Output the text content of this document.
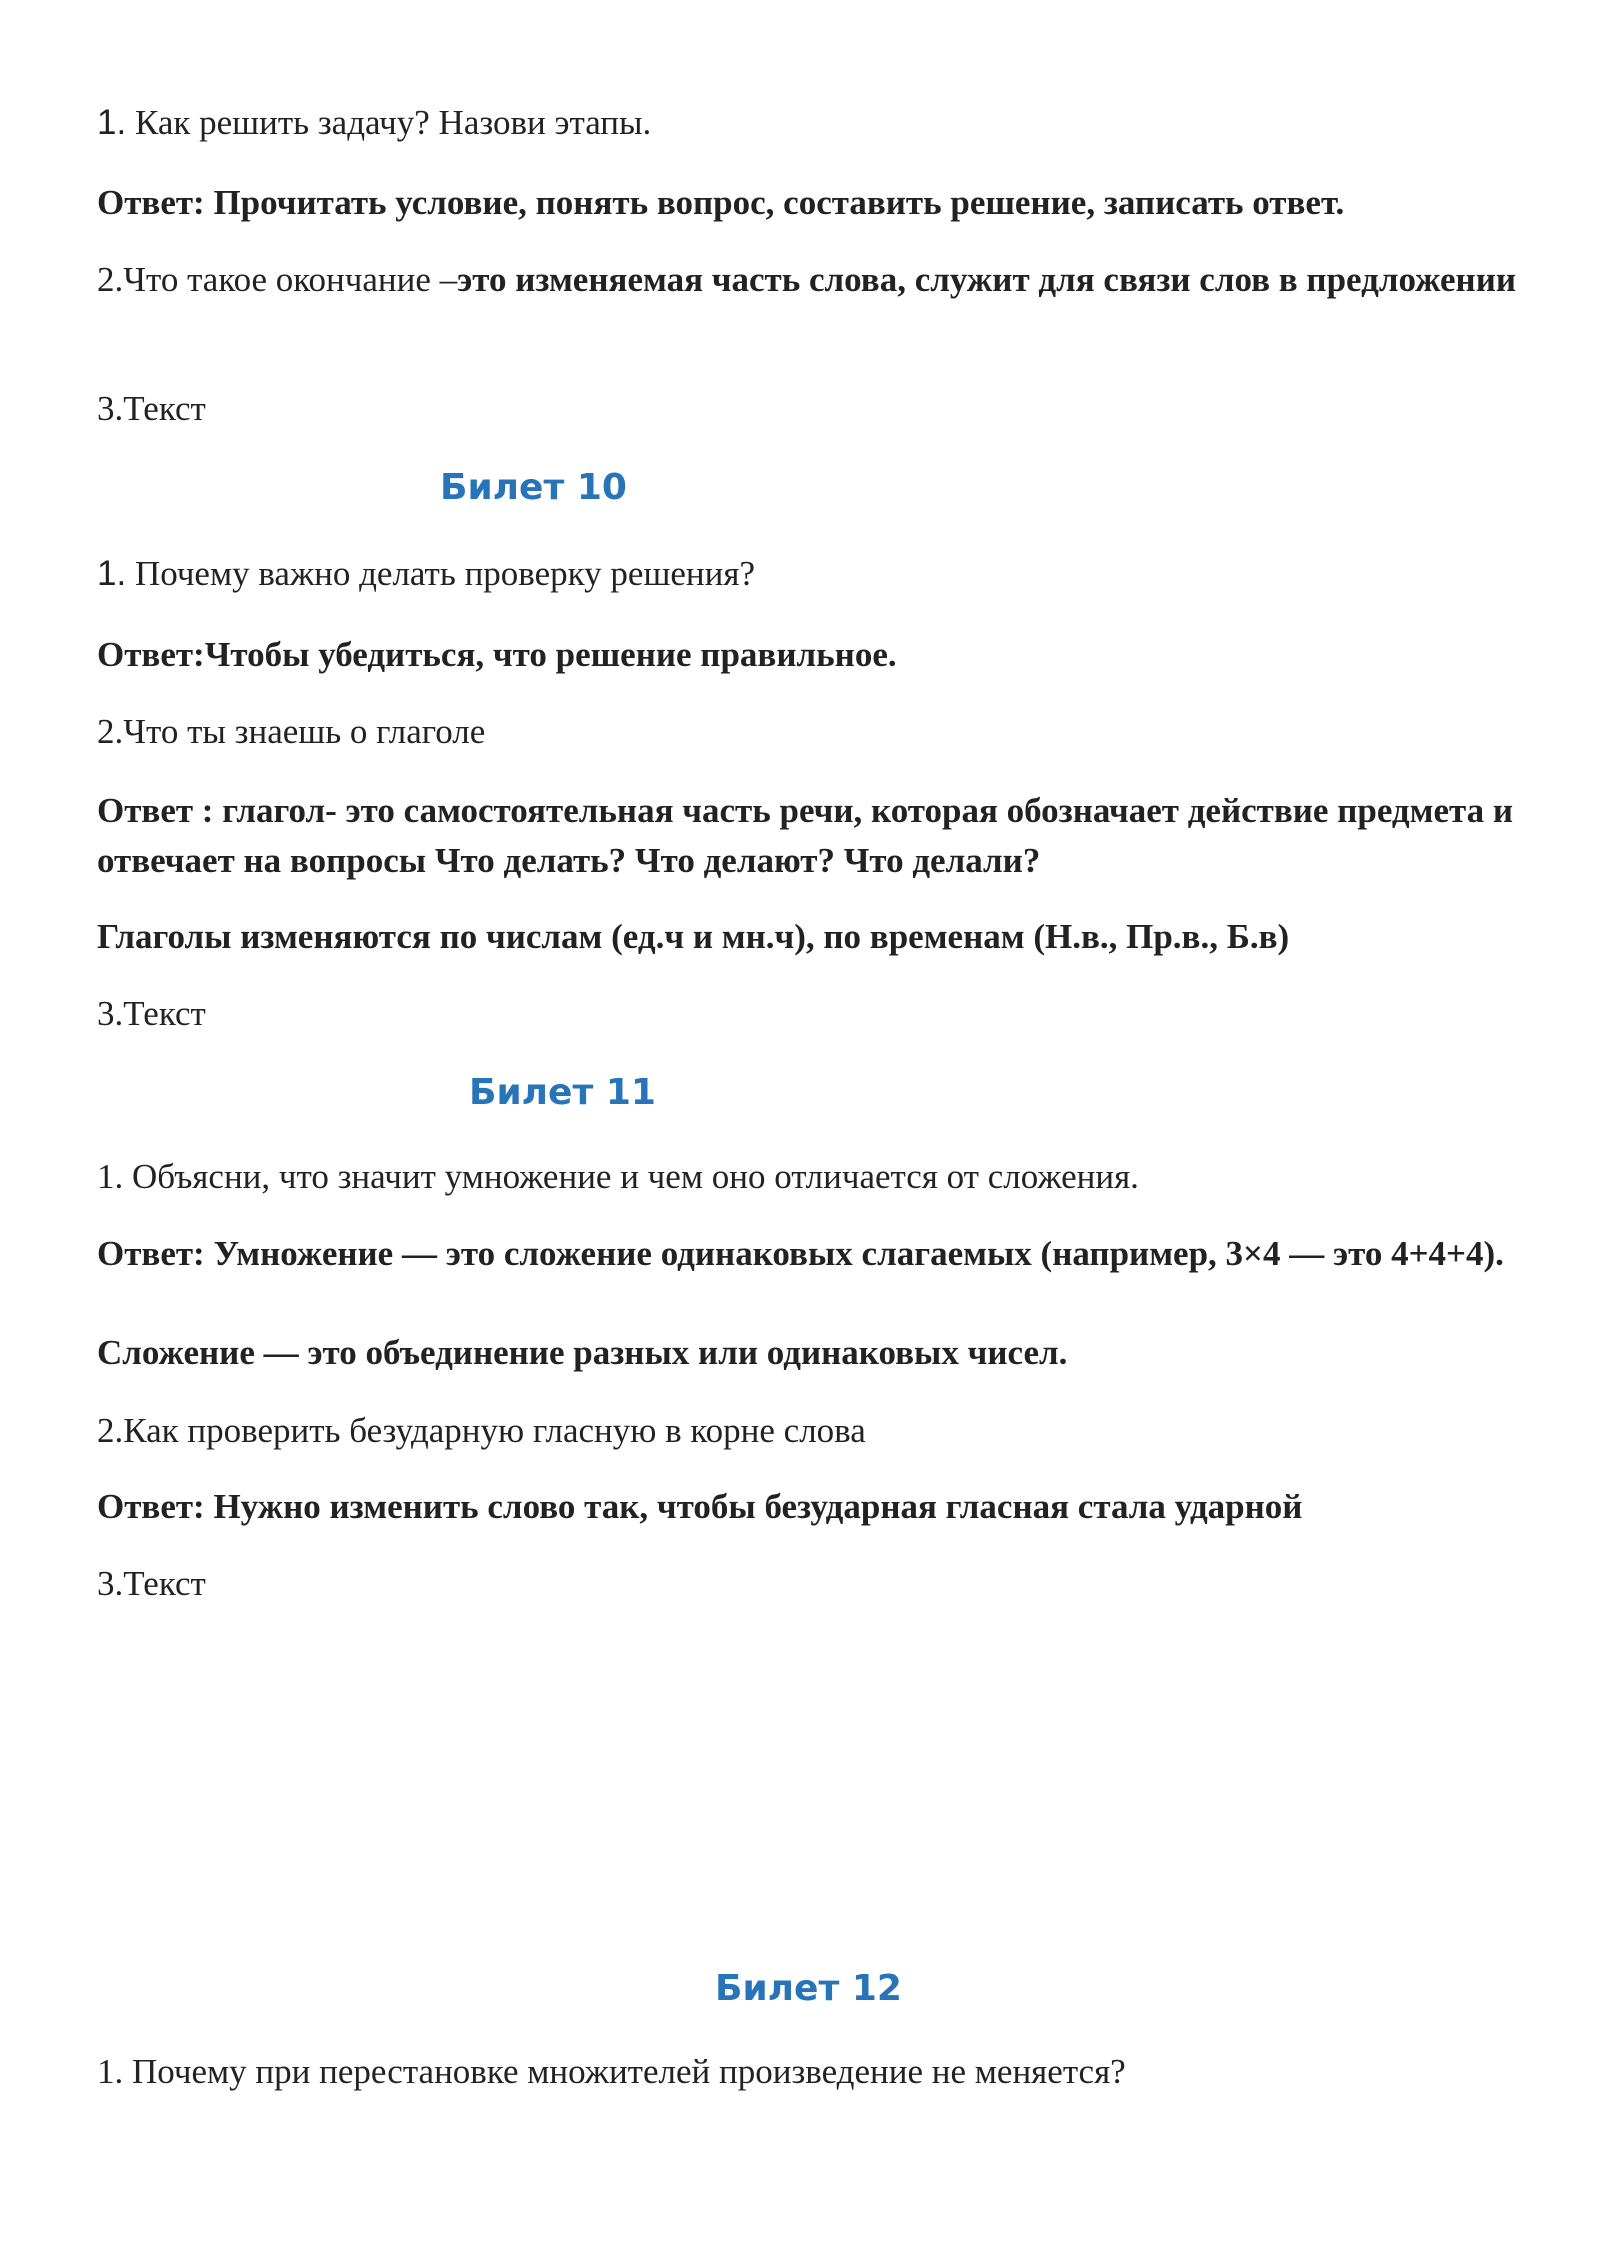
1. Как решить задачу? Назови этапы.

Ответ: Прочитать условие, понять вопрос, составить решение, записать ответ.

2.Что такое окончание –это изменяемая часть слова, служит для связи слов в предложении

3.Текст

Билет 10

1. Почему важно делать проверку решения?

Ответ:Чтобы убедиться, что решение правильное.

2.Что ты знаешь о глаголе

Ответ : глагол- это самостоятельная часть речи, которая обозначает действие предмета и отвечает на вопросы Что делать? Что делают? Что делали?

Глаголы изменяются по числам (ед.ч и мн.ч), по временам (Н.в., Пр.в., Б.в)

3.Текст

Билет 11

1. Объясни, что значит умножение и чем оно отличается от сложения.

Ответ: Умножение — это сложение одинаковых слагаемых (например, 3×4 — это 4+4+4).

Сложение — это объединение разных или одинаковых чисел.

2.Как проверить безударную гласную в корне слова

Ответ: Нужно изменить слово так, чтобы безударная гласная стала ударной

3.Текст

Билет 12

1. Почему при перестановке множителей произведение не меняется?
